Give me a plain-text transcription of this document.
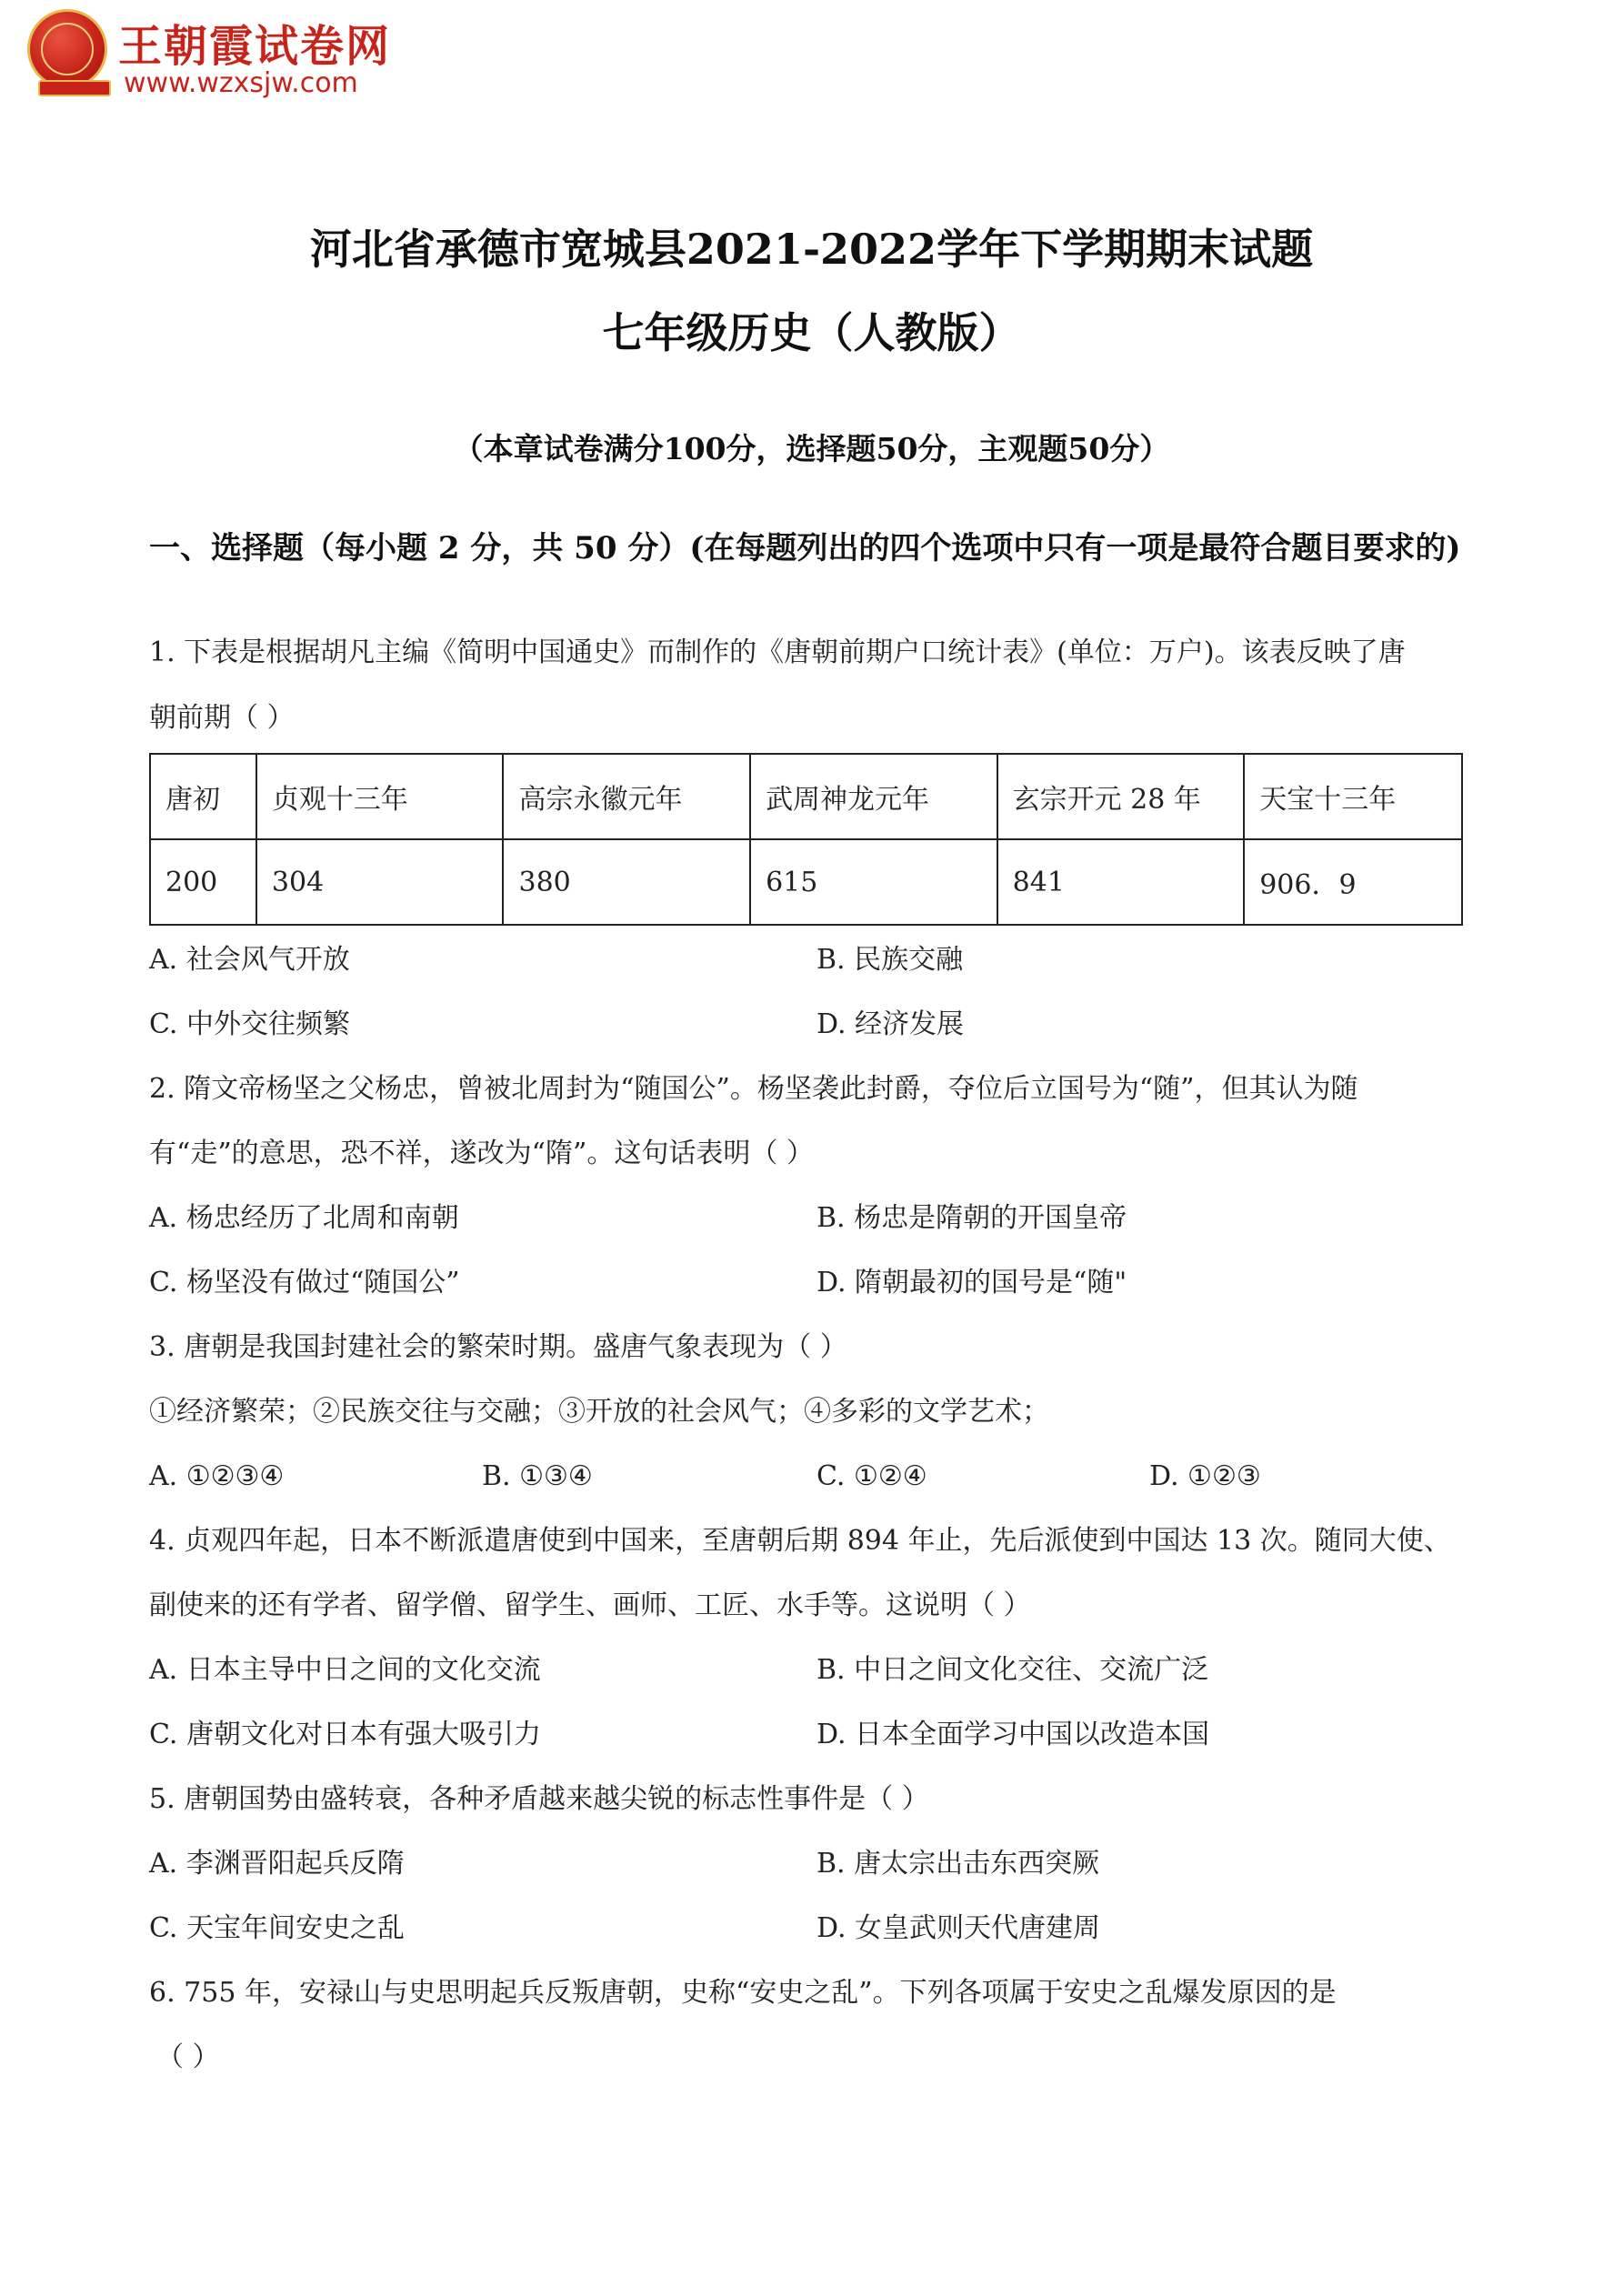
王朝霞试卷网
www.wzxsjw.com
河北省承德市宽城县2021-2022学年下学期期末试题
七年级历史（人教版）
（本章试卷满分100分，选择题50分，主观题50分）
一、选择题（每小题 2 分，共 50 分）(在每题列出的四个选项中只有一项是最符合题目要求的)
1. 下表是根据胡凡主编《简明中国通史》而制作的《唐朝前期户口统计表》(单位：万户)。该表反映了唐
朝前期（ ）
唐初	贞观十三年	高宗永徽元年	武周神龙元年	玄宗开元 28 年	天宝十三年
200	304	380	615	841	906．9
A. 社会风气开放	B. 民族交融
C. 中外交往频繁	D. 经济发展
2. 隋文帝杨坚之父杨忠，曾被北周封为“随国公”。杨坚袭此封爵，夺位后立国号为“随”，但其认为随
有“走”的意思，恐不祥，遂改为“隋”。这句话表明（ ）
A. 杨忠经历了北周和南朝	B. 杨忠是隋朝的开国皇帝
C. 杨坚没有做过“随国公”	D. 隋朝最初的国号是“随"
3. 唐朝是我国封建社会的繁荣时期。盛唐气象表现为（ ）
①经济繁荣；②民族交往与交融；③开放的社会风气；④多彩的文学艺术；
A. ①②③④	B. ①③④	C. ①②④	D. ①②③
4. 贞观四年起，日本不断派遣唐使到中国来，至唐朝后期 894 年止，先后派使到中国达 13 次。随同大使、
副使来的还有学者、留学僧、留学生、画师、工匠、水手等。这说明（ ）
A. 日本主导中日之间的文化交流	B. 中日之间文化交往、交流广泛
C. 唐朝文化对日本有强大吸引力	D. 日本全面学习中国以改造本国
5. 唐朝国势由盛转衰，各种矛盾越来越尖锐的标志性事件是（ ）
A. 李渊晋阳起兵反隋	B. 唐太宗出击东西突厥
C. 天宝年间安史之乱	D. 女皇武则天代唐建周
6. 755 年，安禄山与史思明起兵反叛唐朝，史称“安史之乱”。下列各项属于安史之乱爆发原因的是
（ ）
